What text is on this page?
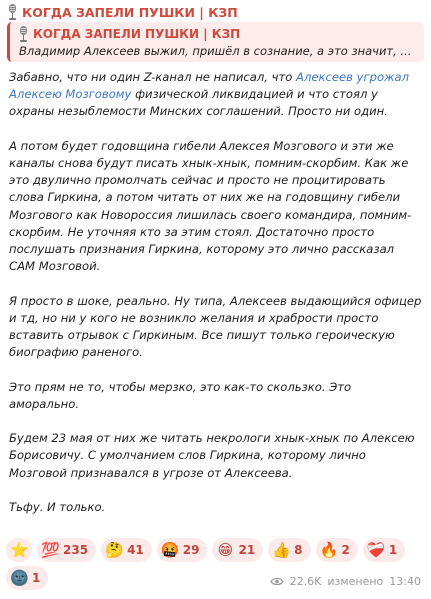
КОГДА ЗАПЕЛИ ПУШКИ | КЗП
КОГДА ЗАПЕЛИ ПУШКИ | КЗП
Владимир Алексеев выжил, пришёл в сознание, а это значит, ...

Забавно, что ни один Z-канал не написал, что Алексеев угрожал Алексею Мозговому физической ликвидацией и что стоял у охраны незыблемости Минских соглашений. Просто ни один.

А потом будет годовщина гибели Алексея Мозгового и эти же каналы снова будут писать хнык-хнык, помним-скорбим. Как же это двулично промолчать сейчас и просто не процитировать слова Гиркина, а потом читать от них же на годовщину гибели Мозгового как Новороссия лишилась своего командира, помним-скорбим. Не уточняя кто за этим стоял. Достаточно просто послушать признания Гиркина, которому это лично рассказал САМ Мозговой.

Я просто в шоке, реально. Ну типа, Алексеев выдающийся офицер и тд, но ни у кого не возникло желания и храбрости просто вставить отрывок с Гиркиным. Все пишут только героическую биографию раненого.

Это прям не то, чтобы мерзко, это как-то скользко. Это аморально.

Будем 23 мая от них же читать некрологи хнык-хнык по Алексею Борисовичу. С умолчанием слов Гиркина, которому лично Мозговой признавался в угрозе от Алексеева.

Тьфу. И только.

⭐ 💯 235 🤔 41 🤬 29 😁 21 👍 8 🔥 2 ❤‍🩹 1
🌚 1	22.6K изменено 13:40
